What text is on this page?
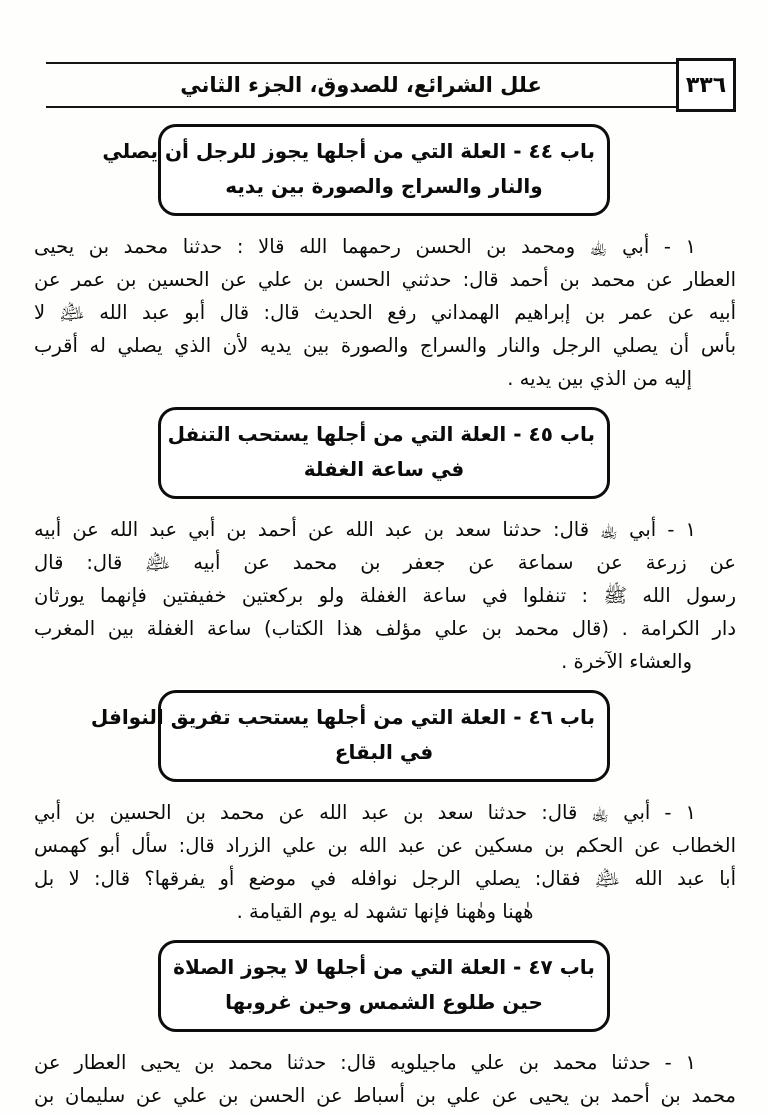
٣٣٦
علل الشرائع، للصدوق، الجزء الثاني
باب ٤٤ - العلة التي من أجلها يجوز للرجل أن يصلي
والنار والسراج والصورة بين يديه
١ - أبي ﵀ ومحمد بن الحسن رحمهما الله قالا : حدثنا محمد بن يحيى
العطار عن محمد بن أحمد قال: حدثني الحسن بن علي عن الحسين بن عمر عن
أبيه عن عمر بن إبراهيم الهمداني رفع الحديث قال: قال أبو عبد الله ﵇ لا
بأس أن يصلي الرجل والنار والسراج والصورة بين يديه لأن الذي يصلي له أقرب
إليه من الذي بين يديه .
باب ٤٥ - العلة التي من أجلها يستحب التنفل
في ساعة الغفلة
١ - أبي ﵀ قال: حدثنا سعد بن عبد الله عن أحمد بن أبي عبد الله عن أبيه
عن زرعة عن سماعة عن جعفر بن محمد عن أبيه ﵇ قال: قال
رسول الله ﷺ : تنفلوا في ساعة الغفلة ولو بركعتين خفيفتين فإنهما يورثان
دار الكرامة . (قال محمد بن علي مؤلف هذا الكتاب) ساعة الغفلة بين المغرب
والعشاء الآخرة .
باب ٤٦ - العلة التي من أجلها يستحب تفريق النوافل
في البقاع
١ - أبي ﵀ قال: حدثنا سعد بن عبد الله عن محمد بن الحسين بن أبي
الخطاب عن الحكم بن مسكين عن عبد الله بن علي الزراد قال: سأل أبو كهمس
أبا عبد الله ﵇ فقال: يصلي الرجل نوافله في موضع أو يفرقها؟ قال: لا بل
هٰهنا وهٰهنا فإنها تشهد له يوم القيامة .
باب ٤٧ - العلة التي من أجلها لا يجوز الصلاة
حين طلوع الشمس وحين غروبها
١ - حدثنا محمد بن علي ماجيلويه قال: حدثنا محمد بن يحيى العطار عن
محمد بن أحمد بن يحيى عن علي بن أسباط عن الحسن بن علي عن سليمان بن
